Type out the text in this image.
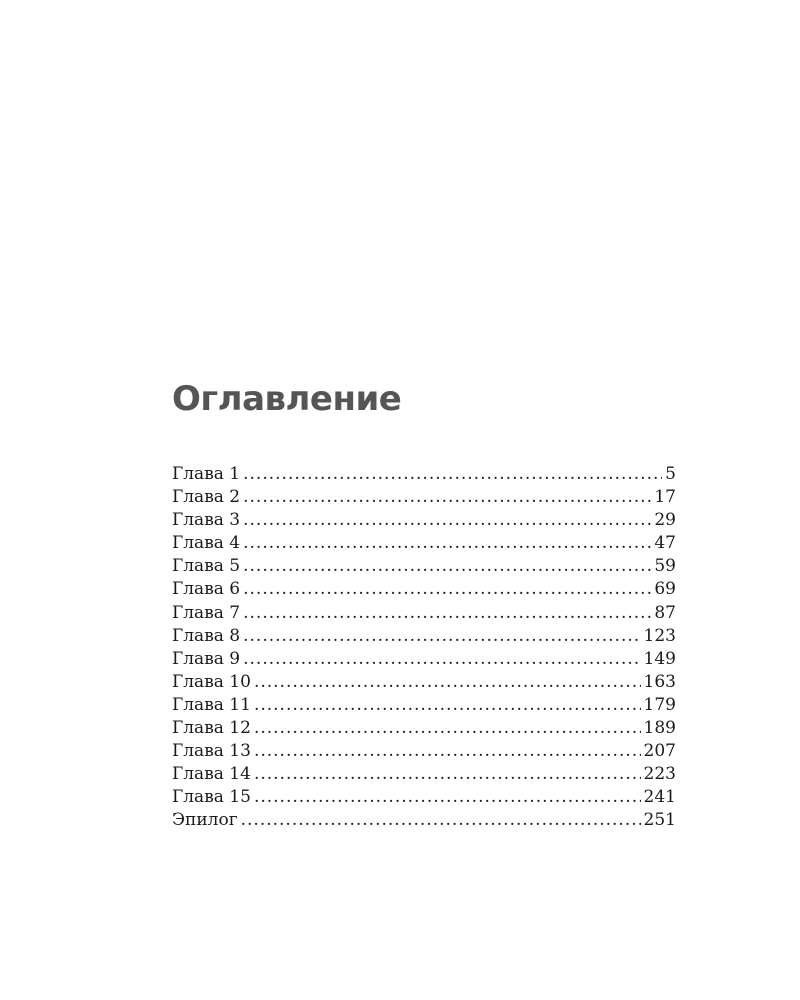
Оглавление
Глава 1 .....	5
Глава 2 .....	17
Глава 3 .....	29
Глава 4 .....	47
Глава 5 .....	59
Глава 6 .....	69
Глава 7 .....	87
Глава 8 .....	123
Глава 9 .....	149
Глава 10 .....	163
Глава 11 .....	179
Глава 12 .....	189
Глава 13 .....	207
Глава 14 .....	223
Глава 15 .....	241
Эпилог .....	251
